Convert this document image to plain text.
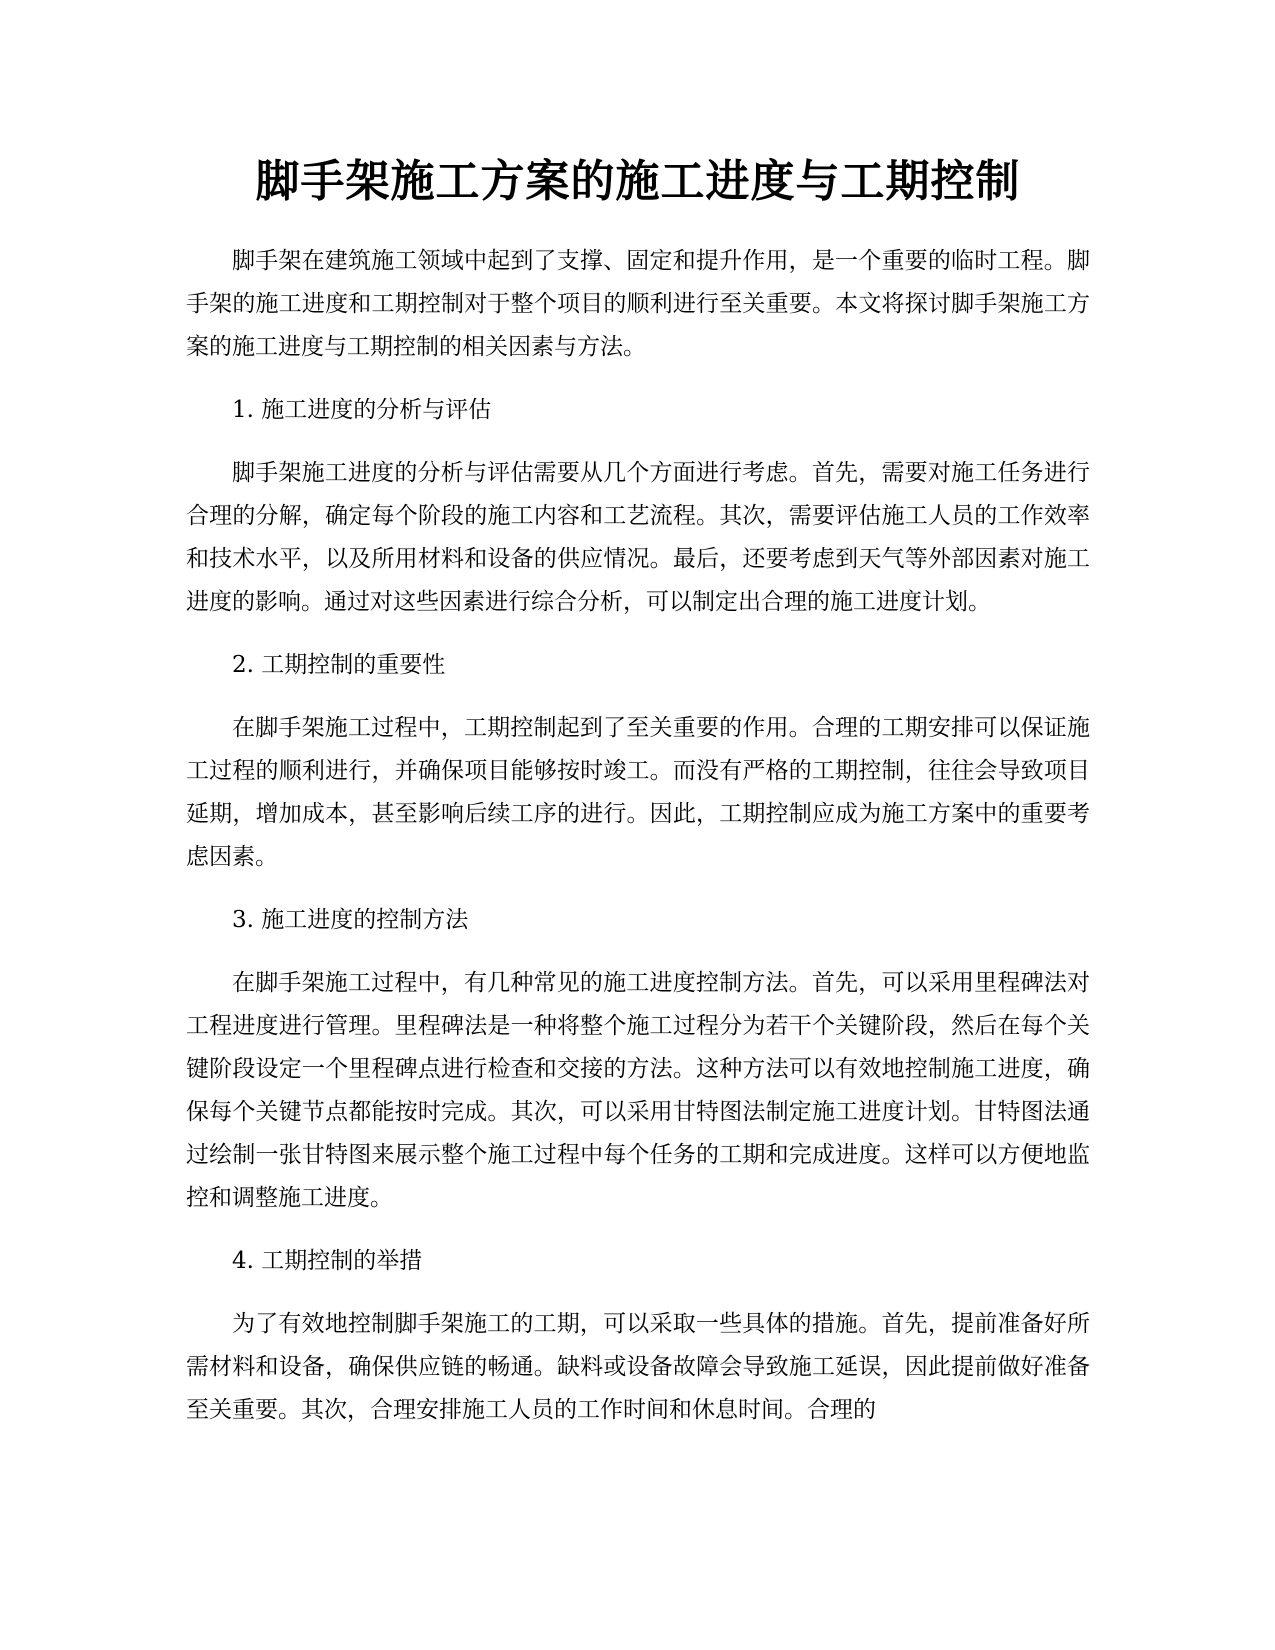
脚手架施工方案的施工进度与工期控制

脚手架在建筑施工领域中起到了支撑、固定和提升作用，是一个重要的临时工程。脚手架的施工进度和工期控制对于整个项目的顺利进行至关重要。本文将探讨脚手架施工方案的施工进度与工期控制的相关因素与方法。

1. 施工进度的分析与评估

脚手架施工进度的分析与评估需要从几个方面进行考虑。首先，需要对施工任务进行合理的分解，确定每个阶段的施工内容和工艺流程。其次，需要评估施工人员的工作效率和技术水平，以及所用材料和设备的供应情况。最后，还要考虑到天气等外部因素对施工进度的影响。通过对这些因素进行综合分析，可以制定出合理的施工进度计划。

2. 工期控制的重要性

在脚手架施工过程中，工期控制起到了至关重要的作用。合理的工期安排可以保证施工过程的顺利进行，并确保项目能够按时竣工。而没有严格的工期控制，往往会导致项目延期，增加成本，甚至影响后续工序的进行。因此，工期控制应成为施工方案中的重要考虑因素。

3. 施工进度的控制方法

在脚手架施工过程中，有几种常见的施工进度控制方法。首先，可以采用里程碑法对工程进度进行管理。里程碑法是一种将整个施工过程分为若干个关键阶段，然后在每个关键阶段设定一个里程碑点进行检查和交接的方法。这种方法可以有效地控制施工进度，确保每个关键节点都能按时完成。其次，可以采用甘特图法制定施工进度计划。甘特图法通过绘制一张甘特图来展示整个施工过程中每个任务的工期和完成进度。这样可以方便地监控和调整施工进度。

4. 工期控制的举措

为了有效地控制脚手架施工的工期，可以采取一些具体的措施。首先，提前准备好所需材料和设备，确保供应链的畅通。缺料或设备故障会导致施工延误，因此提前做好准备至关重要。其次，合理安排施工人员的工作时间和休息时间。合理的
